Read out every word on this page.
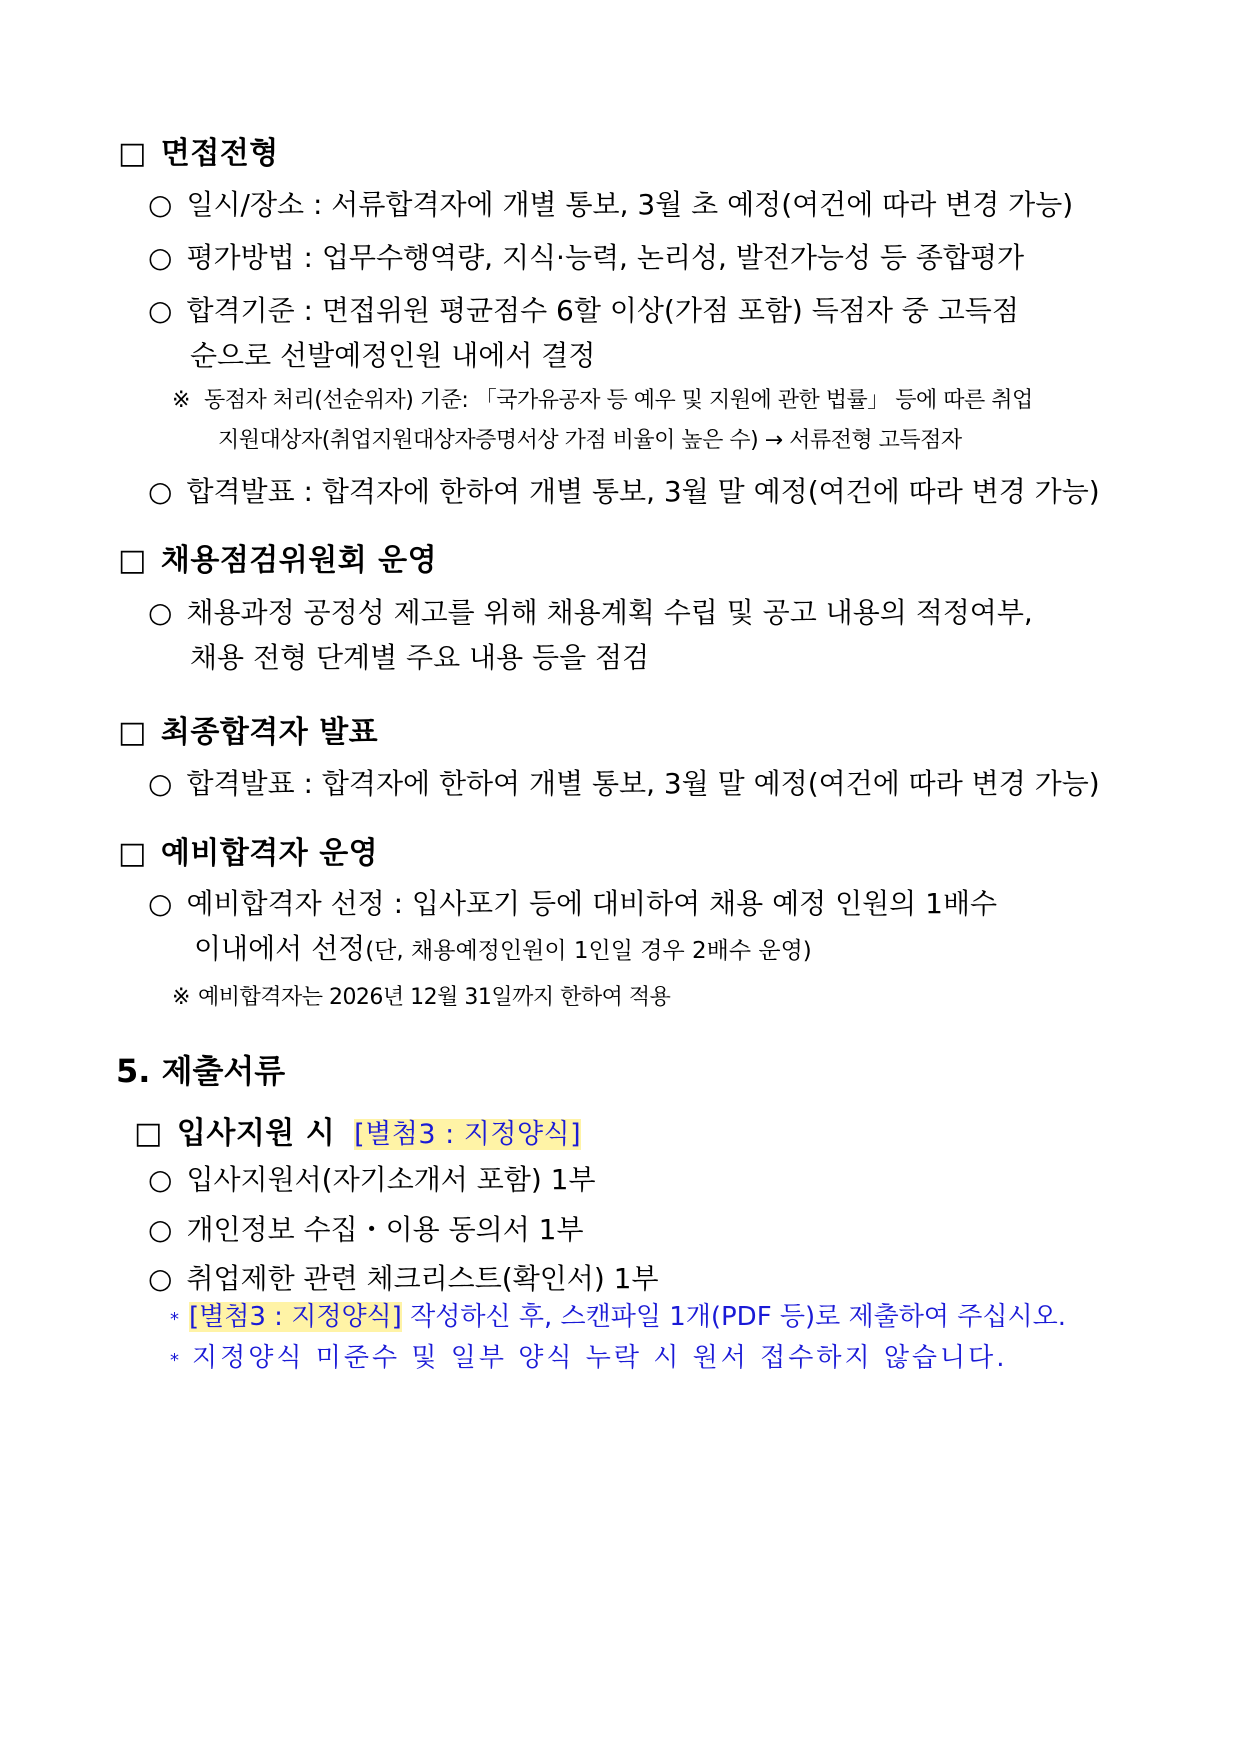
□ 면접전형
○ 일시/장소 : 서류합격자에 개별 통보, 3월 초 예정(여건에 따라 변경 가능)
○ 평가방법 : 업무수행역량, 지식·능력, 논리성, 발전가능성 등 종합평가
○ 합격기준 : 면접위원 평균점수 6할 이상(가점 포함) 득점자 중 고득점
순으로 선발예정인원 내에서 결정
※ 동점자 처리(선순위자) 기준: 「국가유공자 등 예우 및 지원에 관한 법률」 등에 따른 취업
지원대상자(취업지원대상자증명서상 가점 비율이 높은 수) → 서류전형 고득점자
○ 합격발표 : 합격자에 한하여 개별 통보, 3월 말 예정(여건에 따라 변경 가능)
□ 채용점검위원회 운영
○ 채용과정 공정성 제고를 위해 채용계획 수립 및 공고 내용의 적정여부,
채용 전형 단계별 주요 내용 등을 점검
□ 최종합격자 발표
○ 합격발표 : 합격자에 한하여 개별 통보, 3월 말 예정(여건에 따라 변경 가능)
□ 예비합격자 운영
○ 예비합격자 선정 : 입사포기 등에 대비하여 채용 예정 인원의 1배수
이내에서 선정(단, 채용예정인원이 1인일 경우 2배수 운영)
※ 예비합격자는 2026년 12월 31일까지 한하여 적용
5. 제출서류
□ 입사지원 시 [별첨3 : 지정양식]
○ 입사지원서(자기소개서 포함) 1부
○ 개인정보 수집・이용 동의서 1부
○ 취업제한 관련 체크리스트(확인서) 1부
* [별첨3 : 지정양식] 작성하신 후, 스캔파일 1개(PDF 등)로 제출하여 주십시오.
* 지정양식 미준수 및 일부 양식 누락 시 원서 접수하지 않습니다.
